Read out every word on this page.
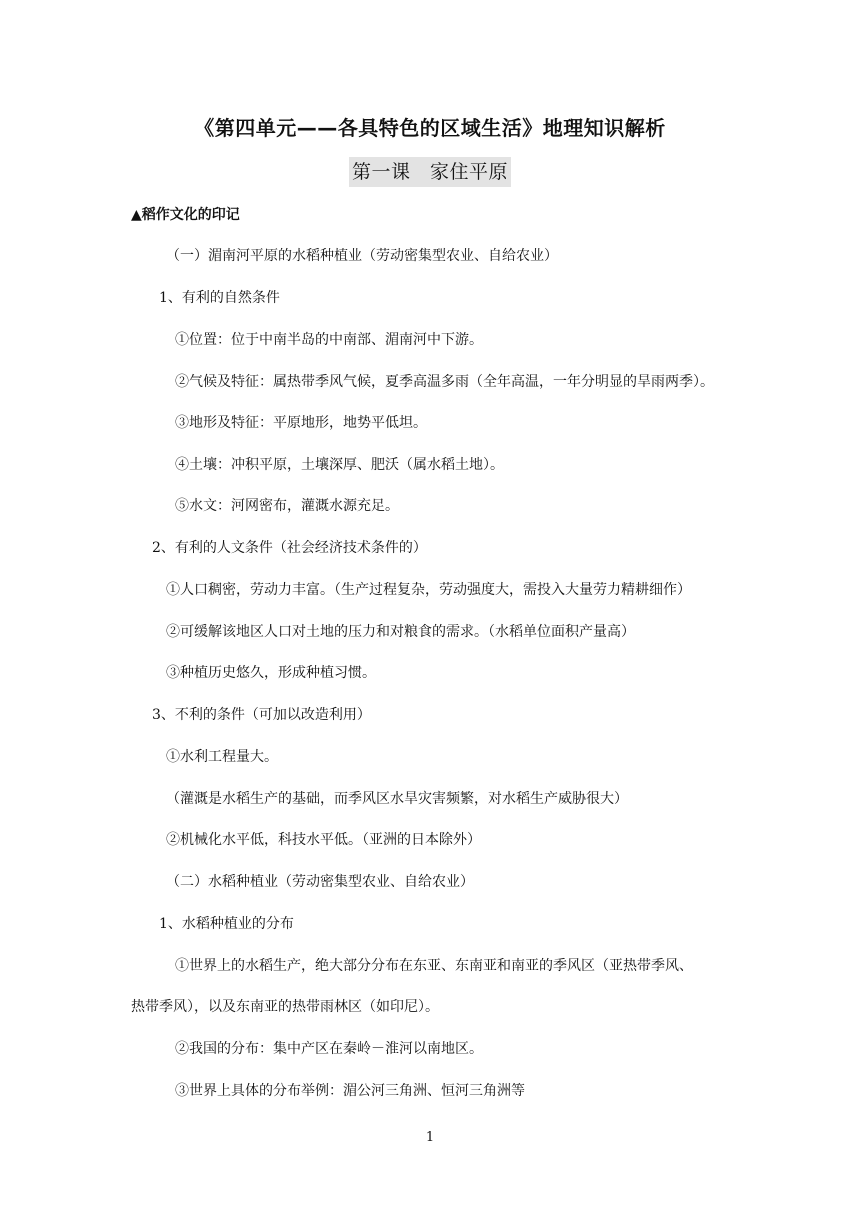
《第四单元——各具特色的区域生活》地理知识解析
第一课　家住平原
▲稻作文化的印记

（一）湄南河平原的水稻种植业（劳动密集型农业、自给农业）

1、有利的自然条件

①位置：位于中南半岛的中南部、湄南河中下游。

②气候及特征：属热带季风气候，夏季高温多雨（全年高温，一年分明显的旱雨两季）。

③地形及特征：平原地形，地势平低坦。

④土壤：冲积平原，土壤深厚、肥沃（属水稻土地）。

⑤水文：河网密布，灌溉水源充足。

2、有利的人文条件（社会经济技术条件的）

①人口稠密，劳动力丰富。（生产过程复杂，劳动强度大，需投入大量劳力精耕细作）

②可缓解该地区人口对土地的压力和对粮食的需求。（水稻单位面积产量高）

③种植历史悠久，形成种植习惯。

3、不利的条件（可加以改造利用）

①水利工程量大。

（灌溉是水稻生产的基础，而季风区水旱灾害频繁，对水稻生产威胁很大）

②机械化水平低，科技水平低。（亚洲的日本除外）

（二）水稻种植业（劳动密集型农业、自给农业）

1、水稻种植业的分布

①世界上的水稻生产，绝大部分分布在东亚、东南亚和南亚的季风区（亚热带季风、

热带季风），以及东南亚的热带雨林区（如印尼）。

②我国的分布：集中产区在秦岭－淮河以南地区。

③世界上具体的分布举例：湄公河三角洲、恒河三角洲等

1
